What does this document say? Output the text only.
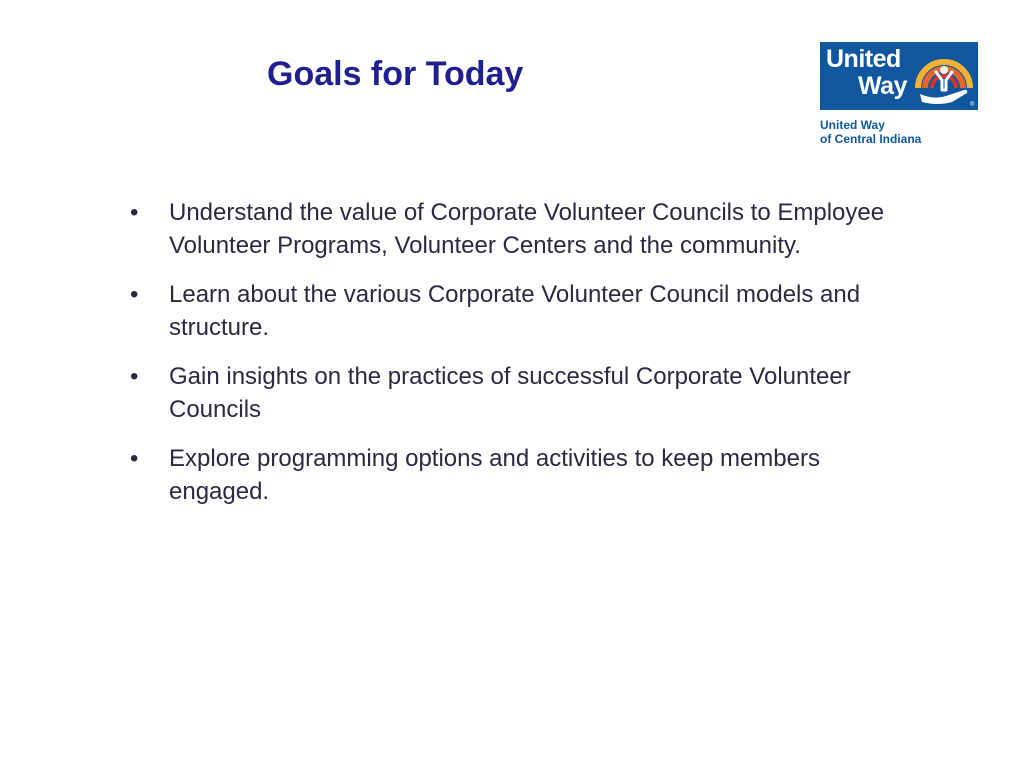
Goals for Today	United
Way
®
United Way
of Central Indiana
•	Understand the value of Corporate Volunteer Councils to Employee Volunteer Programs, Volunteer Centers and the community.
•	Learn about the various Corporate Volunteer Council models and structure.
•	Gain insights on the practices of successful Corporate Volunteer Councils
•	Explore programming options and activities to keep members engaged.
